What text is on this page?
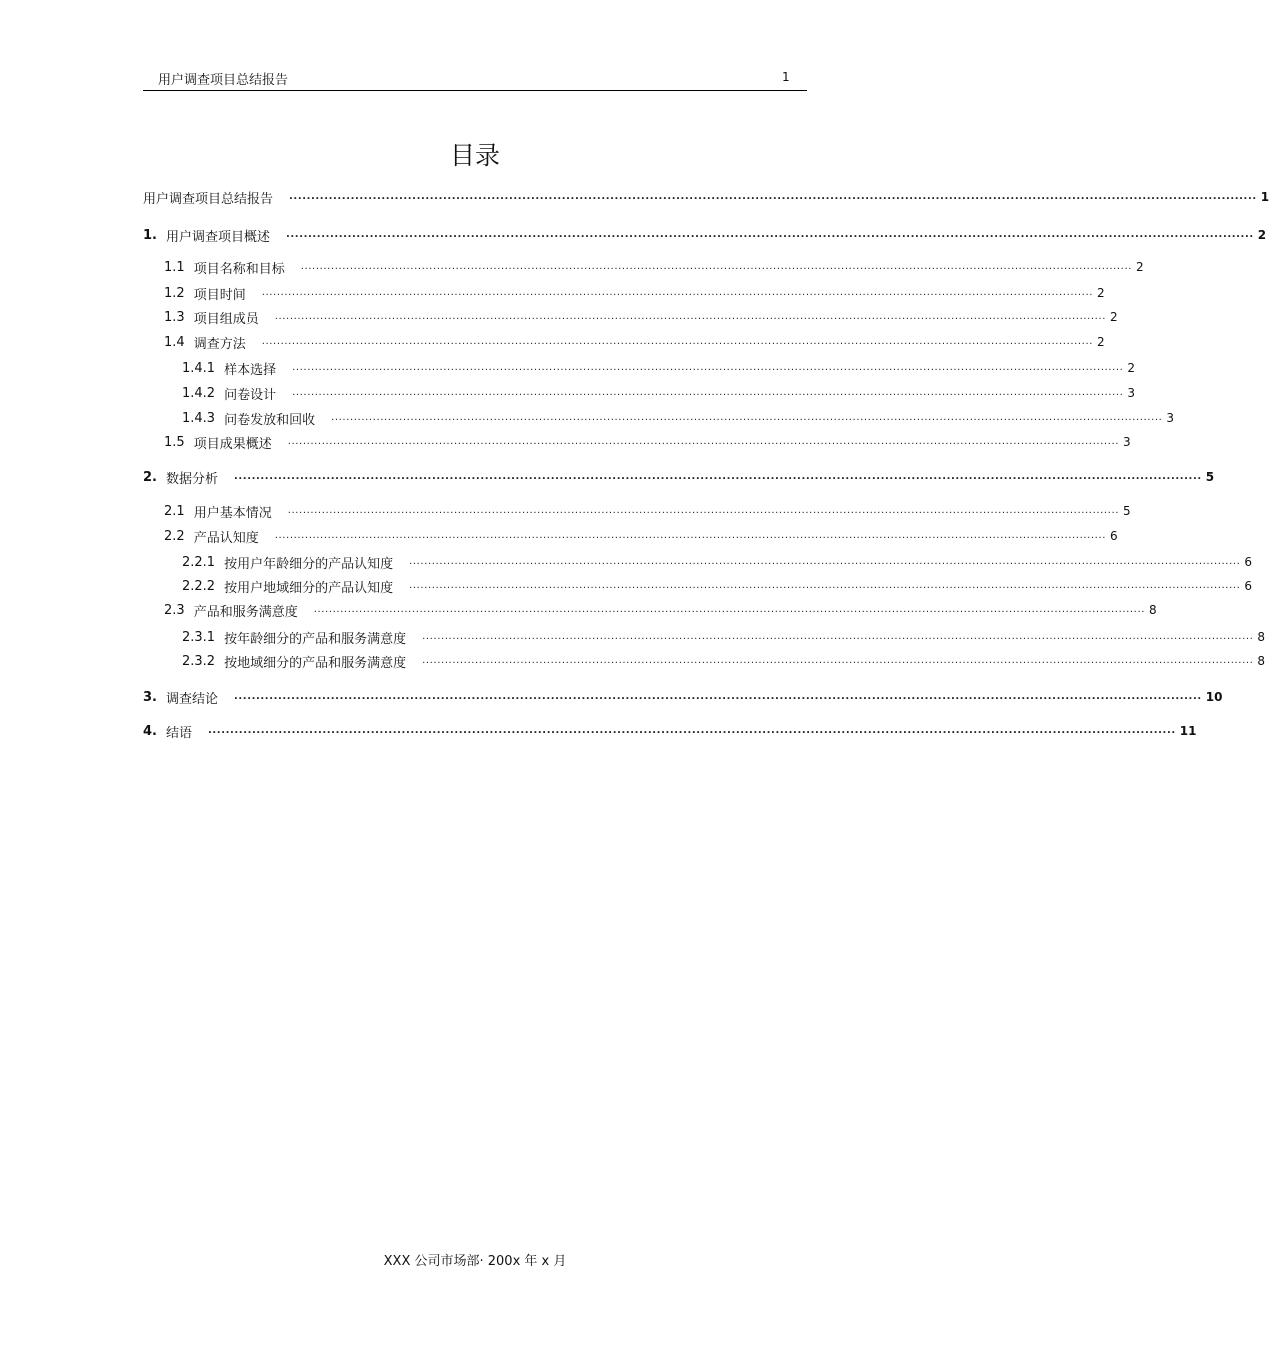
用户调查项目总结报告	1
目录
用户调查项目总结报告 ............................................................................................................................................................................................................................ 1
1. 用户调查项目概述 ............................................................................................................................................................................................................................ 2
1.1 项目名称和目标 ............................................................................................................................................................................................................................ 2
1.2 项目时间 ............................................................................................................................................................................................................................ 2
1.3 项目组成员 ............................................................................................................................................................................................................................ 2
1.4 调查方法 ............................................................................................................................................................................................................................ 2
1.4.1 样本选择 ............................................................................................................................................................................................................................ 2
1.4.2 问卷设计 ............................................................................................................................................................................................................................ 3
1.4.3 问卷发放和回收 ............................................................................................................................................................................................................................ 3
1.5 项目成果概述 ............................................................................................................................................................................................................................ 3
2. 数据分析 ............................................................................................................................................................................................................................ 5
2.1 用户基本情况 ............................................................................................................................................................................................................................ 5
2.2 产品认知度 ............................................................................................................................................................................................................................ 6
2.2.1 按用户年龄细分的产品认知度 ............................................................................................................................................................................................................................ 6
2.2.2 按用户地域细分的产品认知度 ............................................................................................................................................................................................................................ 6
2.3 产品和服务满意度 ............................................................................................................................................................................................................................ 8
2.3.1 按年龄细分的产品和服务满意度 ............................................................................................................................................................................................................................ 8
2.3.2 按地域细分的产品和服务满意度 ............................................................................................................................................................................................................................ 8
3. 调查结论 ............................................................................................................................................................................................................................ 10
4. 结语 ............................................................................................................................................................................................................................ 11
XXX 公司市场部· 200x 年 x 月
